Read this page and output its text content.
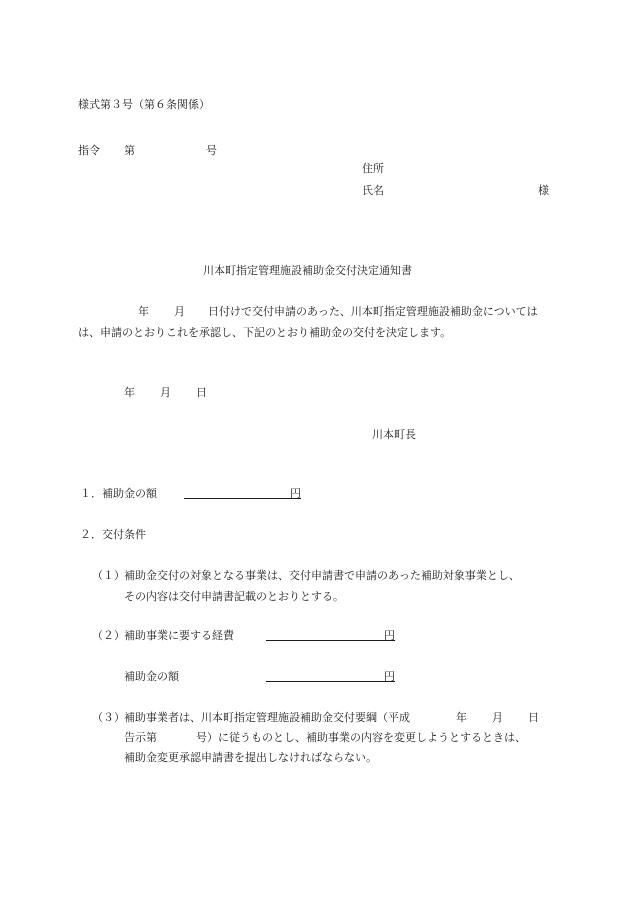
様式第３号（第６条関係）
指令 第	号
住所
氏名	様
川本町指定管理施設補助金交付決定通知書
年 月 日付けで交付申請のあった、川本町指定管理施設補助金については
は、申請のとおりこれを承認し、下記のとおり補助金の交付を決定します。
年 月 日
川本町長
１．補助金の額	円
２．交付条件
（１） 補助金交付の対象となる事業は、交付申請書で申請のあった補助対象事業とし、
その内容は交付申請書記載のとおりとする。
（２） 補助事業に要する経費	円
補助金の額	円
（３） 補助事業者は、川本町指定管理施設補助金交付要綱（平成	年 月 日
告示第	号）に従うものとし、補助事業の内容を変更しようとするときは、
補助金変更承認申請書を提出しなければならない。
